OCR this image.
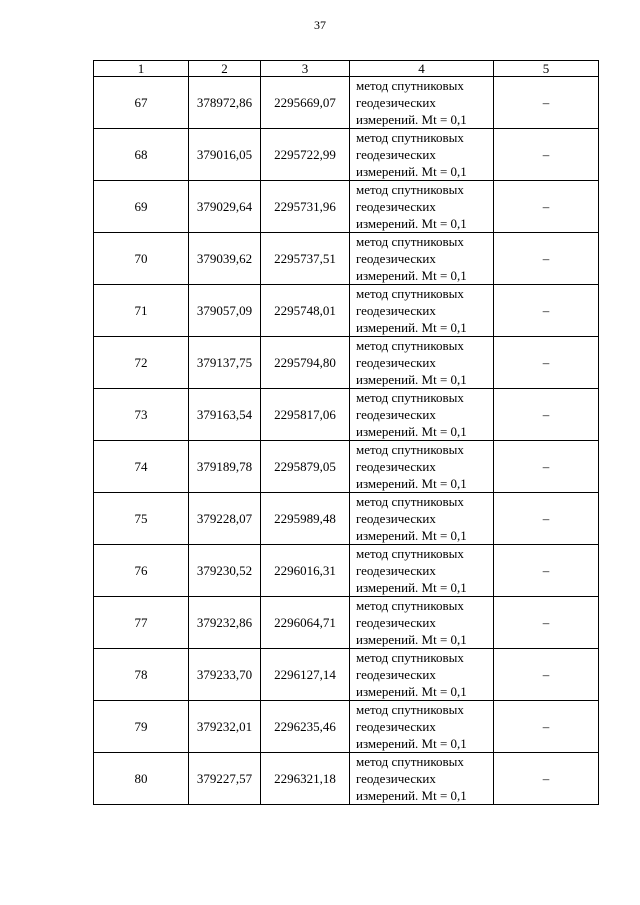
37
1	2	3	4	5
67	378972,86	2295669,07	метод спутниковых
геодезических
измерений. Mt = 0,1	–
68	379016,05	2295722,99	метод спутниковых
геодезических
измерений. Mt = 0,1	–
69	379029,64	2295731,96	метод спутниковых
геодезических
измерений. Mt = 0,1	–
70	379039,62	2295737,51	метод спутниковых
геодезических
измерений. Mt = 0,1	–
71	379057,09	2295748,01	метод спутниковых
геодезических
измерений. Mt = 0,1	–
72	379137,75	2295794,80	метод спутниковых
геодезических
измерений. Mt = 0,1	–
73	379163,54	2295817,06	метод спутниковых
геодезических
измерений. Mt = 0,1	–
74	379189,78	2295879,05	метод спутниковых
геодезических
измерений. Mt = 0,1	–
75	379228,07	2295989,48	метод спутниковых
геодезических
измерений. Mt = 0,1	–
76	379230,52	2296016,31	метод спутниковых
геодезических
измерений. Mt = 0,1	–
77	379232,86	2296064,71	метод спутниковых
геодезических
измерений. Mt = 0,1	–
78	379233,70	2296127,14	метод спутниковых
геодезических
измерений. Mt = 0,1	–
79	379232,01	2296235,46	метод спутниковых
геодезических
измерений. Mt = 0,1	–
80	379227,57	2296321,18	метод спутниковых
геодезических
измерений. Mt = 0,1	–
